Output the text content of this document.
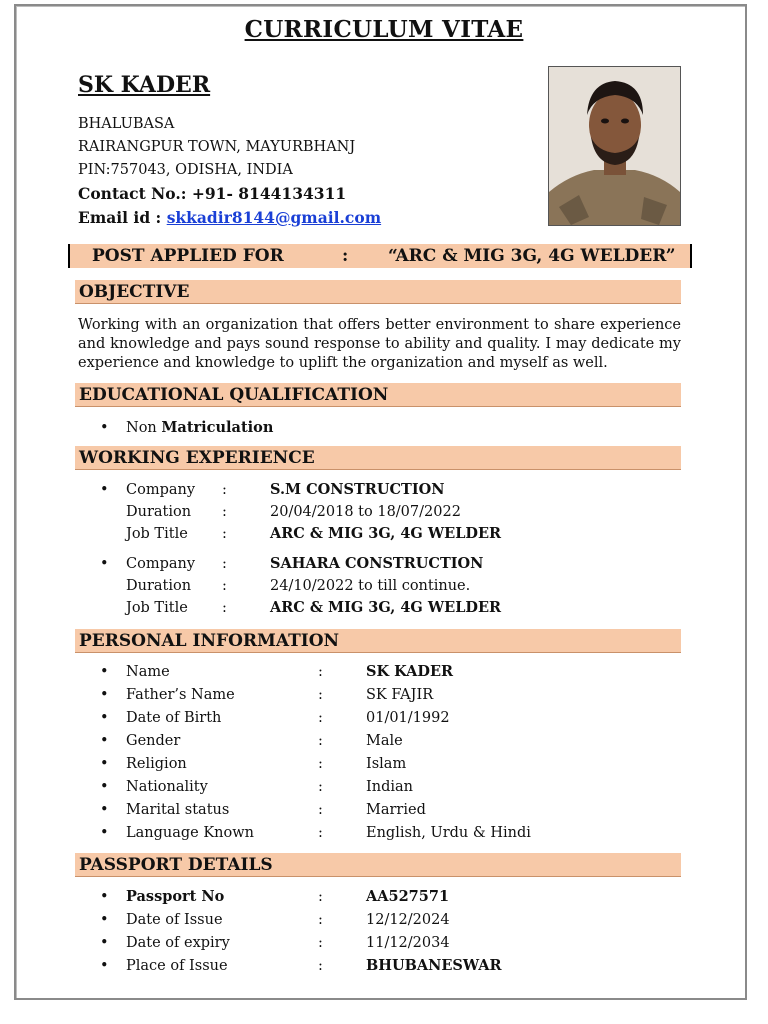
CURRICULUM VITAE
SK KADER
BHALUBASA
RAIRANGPUR TOWN, MAYURBHANJ
PIN:757043, ODISHA, INDIA
Contact No.: +91- 8144134311
Email id : skkadir8144@gmail.com
POST APPLIED FOR	: “ARC & MIG 3G, 4G WELDER”
OBJECTIVE
Working with an organization that offers better environment to share experience and knowledge and pays sound response to ability and quality. I may dedicate my experience and knowledge to uplift the organization and myself as well.
EDUCATIONAL QUALIFICATION
• Non Matriculation
WORKING EXPERIENCE
• Company :	S.M CONSTRUCTION
Duration :	20/04/2018 to 18/07/2022
Job Title :	ARC & MIG 3G, 4G WELDER
• Company :	SAHARA CONSTRUCTION
Duration :	24/10/2022 to till continue.
Job Title :	ARC & MIG 3G, 4G WELDER
PERSONAL INFORMATION
• Name	:	SK KADER
• Father’s Name	:	SK FAJIR
• Date of Birth	:	01/01/1992
• Gender	:	Male
• Religion	:	Islam
• Nationality	:	Indian
• Marital status	:	Married
• Language Known	:	English, Urdu & Hindi
PASSPORT DETAILS
• Passport No	:	AA527571
• Date of Issue	:	12/12/2024
• Date of expiry	:	11/12/2034
• Place of Issue	:	BHUBANESWAR
